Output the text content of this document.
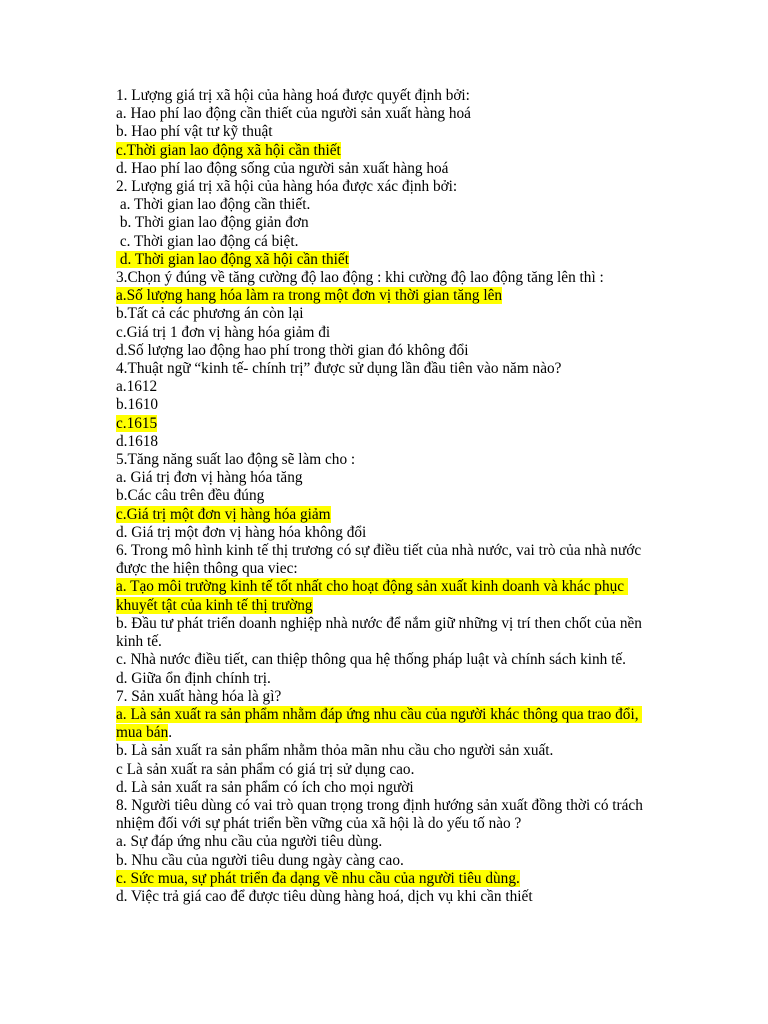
1. Lượng giá trị xã hội của hàng hoá được quyết định bởi:
a. Hao phí lao động cần thiết của người sản xuất hàng hoá
b. Hao phí vật tư kỹ thuật
c.Thời gian lao động xã hội cần thiết
d. Hao phí lao động sống của người sản xuất hàng hoá
2. Lượng giá trị xã hội của hàng hóa được xác định bởi:
a. Thời gian lao động cần thiết.
b. Thời gian lao động giản đơn
c. Thời gian lao động cá biệt.
d. Thời gian lao động xã hội cần thiết
3.Chọn ý đúng về tăng cường độ lao động : khi cường độ lao động tăng lên thì :
a.Số lượng hang hóa làm ra trong một đơn vị thời gian tăng lên
b.Tất cả các phương án còn lại
c.Giá trị 1 đơn vị hàng hóa giảm đi
d.Số lượng lao động hao phí trong thời gian đó không đổi
4.Thuật ngữ “kinh tế- chính trị” được sử dụng lần đầu tiên vào năm nào?
a.1612
b.1610
c.1615
d.1618
5.Tăng năng suất lao động sẽ làm cho :
a. Giá trị đơn vị hàng hóa tăng
b.Các câu trên đều đúng
c.Giá trị một đơn vị hàng hóa giảm
d. Giá trị một đơn vị hàng hóa không đổi
6. Trong mô hình kinh tế thị trương có sự điều tiết của nhà nước, vai trò của nhà nước được the hiện thông qua viec:
a. Tạo môi trường kinh tế tốt nhất cho hoạt động sản xuất kinh doanh và khác phục khuyết tật của kinh tế thị trường
b. Đầu tư phát triển doanh nghiệp nhà nước để nắm giữ những vị trí then chốt của nền kinh tế.
c. Nhà nước điều tiết, can thiệp thông qua hệ thống pháp luật và chính sách kinh tế.
d. Giữa ổn định chính trị.
7. Sản xuất hàng hóa là gì?
a. Là sản xuất ra sản phẩm nhằm đáp ứng nhu cầu của người khác thông qua trao đổi, mua bán.
b. Là sản xuất ra sản phẩm nhằm thỏa mãn nhu cầu cho người sản xuất.
c Là sản xuất ra sản phẩm có giá trị sử dụng cao.
d. Là sản xuất ra sản phẩm có ích cho mọi người
8. Người tiêu dùng có vai trò quan trọng trong định hướng sản xuất đồng thời có trách nhiệm đối với sự phát triển bền vững của xã hội là do yếu tố nào ?
a. Sự đáp ứng nhu cầu của người tiêu dùng.
b. Nhu cầu của người tiêu dung ngày càng cao.
c. Sức mua, sự phát triển đa dạng về nhu cầu của người tiêu dùng.
d. Việc trả giá cao để được tiêu dùng hàng hoá, dịch vụ khi cần thiết
